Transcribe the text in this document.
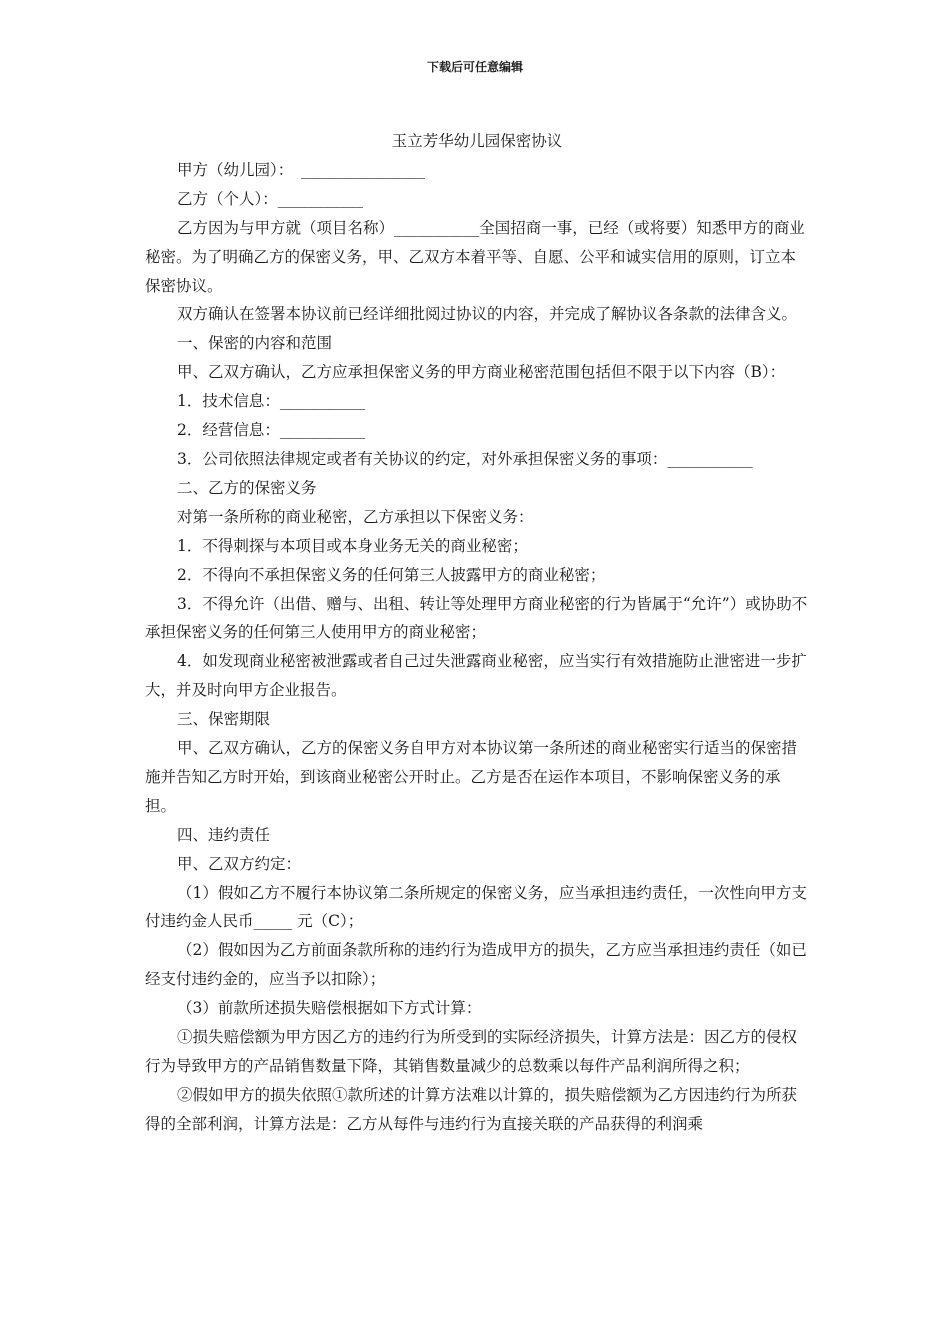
下载后可任意编辑

玉立芳华幼儿园保密协议

甲方（幼儿园）：　________________

乙方（个人）：___________

乙方因为与甲方就（项目名称）___________全国招商一事，已经（或将要）知悉甲方的商业秘密。为了明确乙方的保密义务，甲、乙双方本着平等、自愿、公平和诚实信用的原则，订立本保密协议。

双方确认在签署本协议前已经详细批阅过协议的内容，并完成了解协议各条款的法律含义。

一、保密的内容和范围

甲、乙双方确认，乙方应承担保密义务的甲方商业秘密范围包括但不限于以下内容（B）：

1．技术信息：___________

2．经营信息：___________

3．公司依照法律规定或者有关协议的约定，对外承担保密义务的事项：___________

二、乙方的保密义务

对第一条所称的商业秘密，乙方承担以下保密义务：

1．不得刺探与本项目或本身业务无关的商业秘密；

2．不得向不承担保密义务的任何第三人披露甲方的商业秘密；

3．不得允许（出借、赠与、出租、转让等处理甲方商业秘密的行为皆属于“允许”）或协助不承担保密义务的任何第三人使用甲方的商业秘密；

4．如发现商业秘密被泄露或者自己过失泄露商业秘密，应当实行有效措施防止泄密进一步扩大，并及时向甲方企业报告。

三、保密期限

甲、乙双方确认，乙方的保密义务自甲方对本协议第一条所述的商业秘密实行适当的保密措施并告知乙方时开始，到该商业秘密公开时止。乙方是否在运作本项目，不影响保密义务的承担。

四、违约责任

甲、乙双方约定：

（1）假如乙方不履行本协议第二条所规定的保密义务，应当承担违约责任，一次性向甲方支付违约金人民币_____ 元（C）；

（2）假如因为乙方前面条款所称的违约行为造成甲方的损失，乙方应当承担违约责任（如已经支付违约金的，应当予以扣除）；

（3）前款所述损失赔偿根据如下方式计算：

①损失赔偿额为甲方因乙方的违约行为所受到的实际经济损失，计算方法是：因乙方的侵权行为导致甲方的产品销售数量下降，其销售数量减少的总数乘以每件产品利润所得之积；

②假如甲方的损失依照①款所述的计算方法难以计算的，损失赔偿额为乙方因违约行为所获得的全部利润，计算方法是：乙方从每件与违约行为直接关联的产品获得的利润乘
